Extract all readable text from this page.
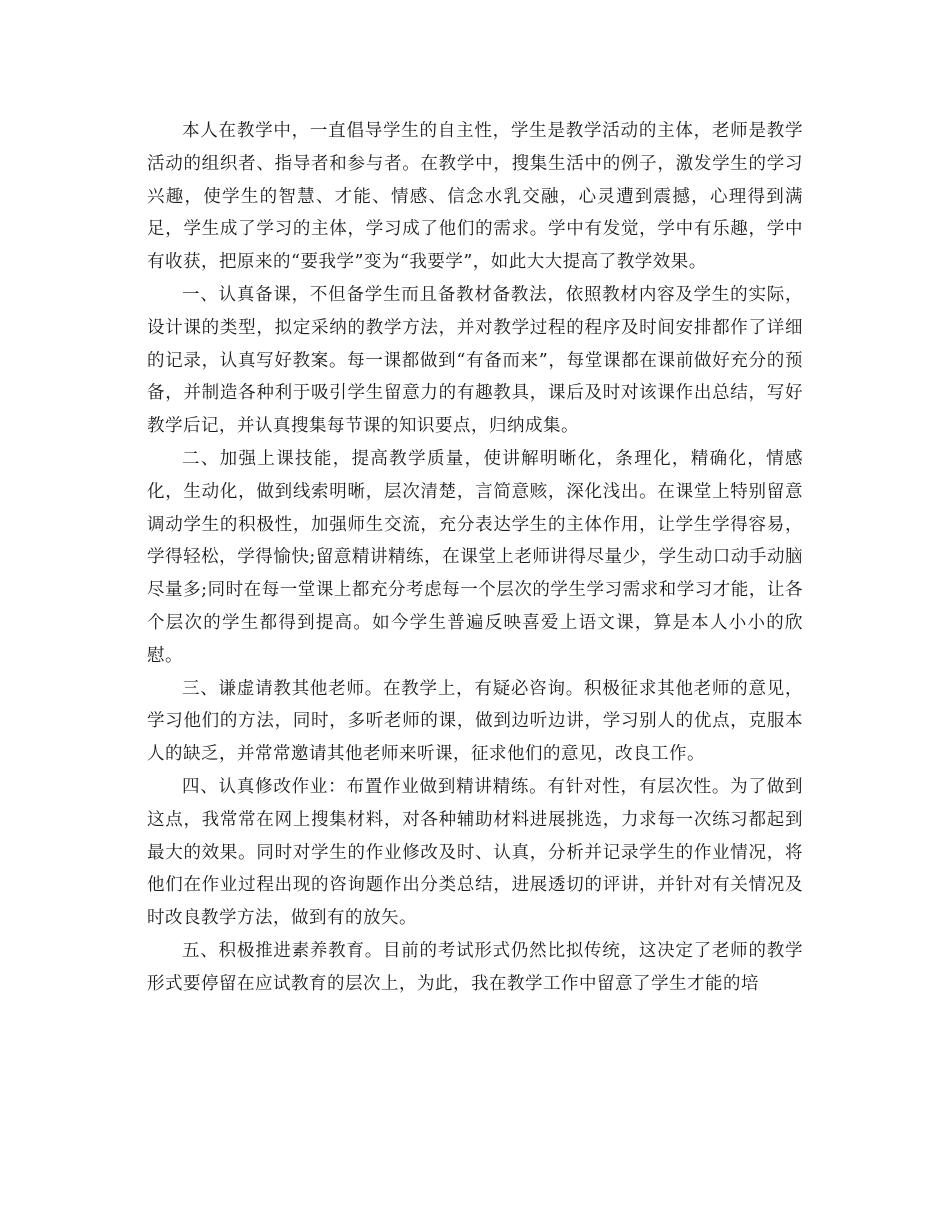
本人在教学中，一直倡导学生的自主性，学生是教学活动的主体，老师是教学活动的组织者、指导者和参与者。在教学中，搜集生活中的例子，激发学生的学习兴趣，使学生的智慧、才能、情感、信念水乳交融，心灵遭到震撼，心理得到满足，学生成了学习的主体，学习成了他们的需求。学中有发觉，学中有乐趣，学中有收获，把原来的“要我学”变为“我要学”，如此大大提高了教学效果。

一、认真备课，不但备学生而且备教材备教法，依照教材内容及学生的实际，设计课的类型，拟定采纳的教学方法，并对教学过程的程序及时间安排都作了详细的记录，认真写好教案。每一课都做到“有备而来”，每堂课都在课前做好充分的预备，并制造各种利于吸引学生留意力的有趣教具，课后及时对该课作出总结，写好教学后记，并认真搜集每节课的知识要点，归纳成集。

二、加强上课技能，提高教学质量，使讲解明晰化，条理化，精确化，情感化，生动化，做到线索明晰，层次清楚，言简意赅，深化浅出。在课堂上特别留意调动学生的积极性，加强师生交流，充分表达学生的主体作用，让学生学得容易，学得轻松，学得愉快;留意精讲精练，在课堂上老师讲得尽量少，学生动口动手动脑尽量多;同时在每一堂课上都充分考虑每一个层次的学生学习需求和学习才能，让各个层次的学生都得到提高。如今学生普遍反映喜爱上语文课，算是本人小小的欣慰。

三、谦虚请教其他老师。在教学上，有疑必咨询。积极征求其他老师的意见，学习他们的方法，同时，多听老师的课，做到边听边讲，学习别人的优点，克服本人的缺乏，并常常邀请其他老师来听课，征求他们的意见，改良工作。

四、认真修改作业：布置作业做到精讲精练。有针对性，有层次性。为了做到这点，我常常在网上搜集材料，对各种辅助材料进展挑选，力求每一次练习都起到最大的效果。同时对学生的作业修改及时、认真，分析并记录学生的作业情况，将他们在作业过程出现的咨询题作出分类总结，进展透切的评讲，并针对有关情况及时改良教学方法，做到有的放矢。

五、积极推进素养教育。目前的考试形式仍然比拟传统，这决定了老师的教学形式要停留在应试教育的层次上，为此，我在教学工作中留意了学生才能的培
